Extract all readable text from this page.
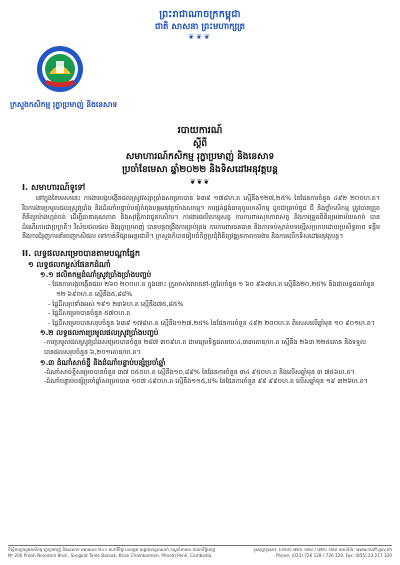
ព្រះរាជាណាចក្រកម្ពុជា
ជាតិ សាសនា ព្រះមហាក្សត្រ
❦❦❦
ក្រសួងកសិកម្ម រុក្ខាប្រមាញ់ និងនេសាទ
របាយការណ៍
ស្តីពី
សមាហារណ៍កសិកម្ម រុក្ខាប្រមាញ់ និងនេសាទ
ប្រចាំខែមេសា ឆ្នាំ២០២២ និងទិសដៅអនុវត្តបន្ត
❦❦❦
I. សមាហារណ៍ទូទៅ

នៅក្នុងខែមេសានេះ ការងារបង្កបង្កើនផលស្រូវវស្សាប្រាំងសម្រេចបាន ៦៣៩ ១៧៨ហ.ត ស្មើនឹង១២៧,២៥% នៃផែនការចំនួន ៤៩២ ២០០ហ.ត។ រីឯការងារប្រមូលផលស្រូវប្រាំង និងដំណាំបន្ទាប់បន្សំកំពុងបន្តអនុវត្តយ៉ាងសកម្ម។ ការផ្គត់ផ្គង់ធាតុចូលកសិកម្ម ដូចជាគ្រាប់ពូជ ជី និងថ្នាំកសិកម្ម ត្រូវបានត្រួតពិនិត្យយ៉ាងហ្មត់ចត់ ដើម្បីធានាគុណភាព និងសុវត្ថិភាពជូនកសិករ។ ការងារផលិតកម្មសត្វ ការការពារសុខភាពសត្វ និងការត្រួតពិនិត្យអនាម័យសាច់ បានដំណើរការជាប្រក្រតី។ វិស័យជលផល និងរុក្ខាប្រមាញ់ បានបន្តពង្រឹងការគ្រប់គ្រង ការការពារធនធាន និងការទប់ស្កាត់បទល្មើសប្រកបដោយប្រសិទ្ធភាព ទន្ទឹមនឹងការជំរុញការនាំចេញកសិផល ទៅកាន់ទីផ្សារអន្តរជាតិ។ ក្រសួងក៏បានរៀបចំកិច្ចប្រជុំពិនិត្យវឌ្ឍនភាពការងារ និងការលើកទិសដៅអនុវត្តបន្ត។

II. លទ្ធផលសម្រេចបានតាមបណ្តាផ្នែក
១ លទ្ធផលកម្ពស់ផែនកដំណាំ
១.១ ផលិតកម្មដំណាំស្រូវប្រាំងប្រាំងបញ្ចប់
- ផែនការបង្កបង្កើនផល ២៦០ ២០០ហ.ត ក្នុងនោះ ក្រួលាស់ពេលនៅ-ក្រូលែចំនួន ១ ៦០ ៩៦៧ហ.ត ស្មើនឹង២០,២៥% និងជាលទ្ធផលចំនួន ១២ ៦៩០ហ.ត ស្មើនឹង៥,៨៨%
- ផ្ទៃដីសរុបទាំងអស់ ១៩១ ២៣៦ហ.ត ស្មើនឹង៧៥,៨៥%
- ផ្ទៃដីសម្រេចបានចំនួន ៥៧០ហ.ត
- ផ្ទៃដីសម្រេចបានសរុបចំនួន ៦៣៩ ១៧៨ហ.ត ស្មើនឹង១២៧,២៥% នៃផែនការចំនួន ៤៩២ ២០០ហ.ត ពិសេសលើឆ្នាំមុន ១០ ៩០១ហ.ត។
១.២ លទ្ធផលការប្រមូលផលស្រូវប្រាំងបញ្ចប់
-ការប្រមូលផលស្រូវប្រាំងសម្រេចបានចំនួន ២៨៧ ៣០៩ហ.ត ជាមធ្យមទិន្នផលរយៈ៤,៣៣តោន/ហ.ត ស្មើនឹង ២៦៣ ២២៥តោន និងទទួលបានផលសរុបចំនួន ៦,២០១តោន/ហ.ត។
១.៣ ដំណាំសាច់ខ្ទី និងដំណាំបន្ទាប់បន្សំប្រចាំឆ្នាំ
-ដំណាំសាច់ខ្ទីសម្រេចបានចំនួន ៣៧ ០៥០ហ.ត ស្មើនឹង១០,៨៩% នៃផែនការចំនួន ៣៤ ៩៥០ហ.ត និងលើសឆ្នាំមុន ៣ ៧៥៦ហ.ត។
-ដំណាំបន្ទាប់បន្សំប្រចាំឆ្នាំសម្រេចបាន ១០៧ ៤៩០ហ.ត ស្មើនឹង១១៥,៥% នៃផែនការចំនួន ៩៩ ៩៩០ហ.ត លើសឆ្នាំមុន ១៩ ៣២៦ហ.ត។
ទីស្តីការក្រសួងកសិកម្ម រុក្ខាប្រមាញ់ និងនេសាទ អគារលេខ ២០០ មហាវិថីព្រះនរោត្តម សង្កាត់ទន្លេបាសាក់ ខណ្ឌចំការមន រាជធានីភ្នំពេញ
Nº 200 Preah Norodom Blvd., Sangkat Tonle Bassak, Khan Chamkarmon, Phnom Penh, Cambodia
ទូរសព្ទ/ទូរសារ: (០២៣) ៧២៦ ១២៨ / ៧២៦ ១២៩ គេហទំព័រ: www.maff.gov.kh
Phone: (023) 726 128 / 726 129, Fax: (855) 23 217 320
